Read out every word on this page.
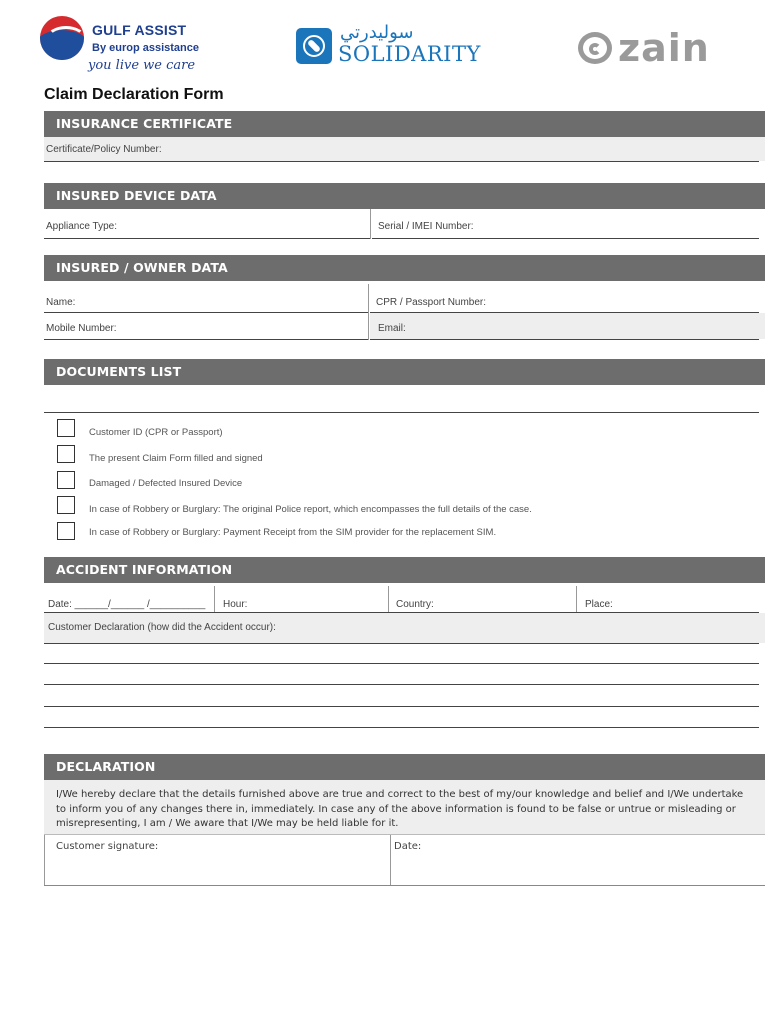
GULF ASSIST
By europ assistance
you live we care
سوليدرتي
SOLIDARITY	zain
Claim Declaration Form
INSURANCE CERTIFICATE
Certificate/Policy Number:
INSURED DEVICE DATA
Appliance Type:	Serial / IMEI Number:
INSURED / OWNER DATA
Name:	CPR / Passport Number:
Mobile Number:	Email:
DOCUMENTS LIST
Customer ID (CPR or Passport)
The present Claim Form filled and signed
Damaged / Defected Insured Device
In case of Robbery or Burglary: The original Police report, which encompasses the full details of the case.
In case of Robbery or Burglary: Payment Receipt from the SIM provider for the replacement SIM.
ACCIDENT INFORMATION
Date: ______/______ /__________ Hour:	Country:	Place:
Customer Declaration (how did the Accident occur):
DECLARATION
I/We hereby declare that the details furnished above are true and correct to the best of my/our knowledge and belief and I/We undertake to inform you of any changes there in, immediately. In case any of the above information is found to be false or untrue or misleading or misrepresenting, I am / We aware that I/We may be held liable for it.
Customer signature:	Date:
